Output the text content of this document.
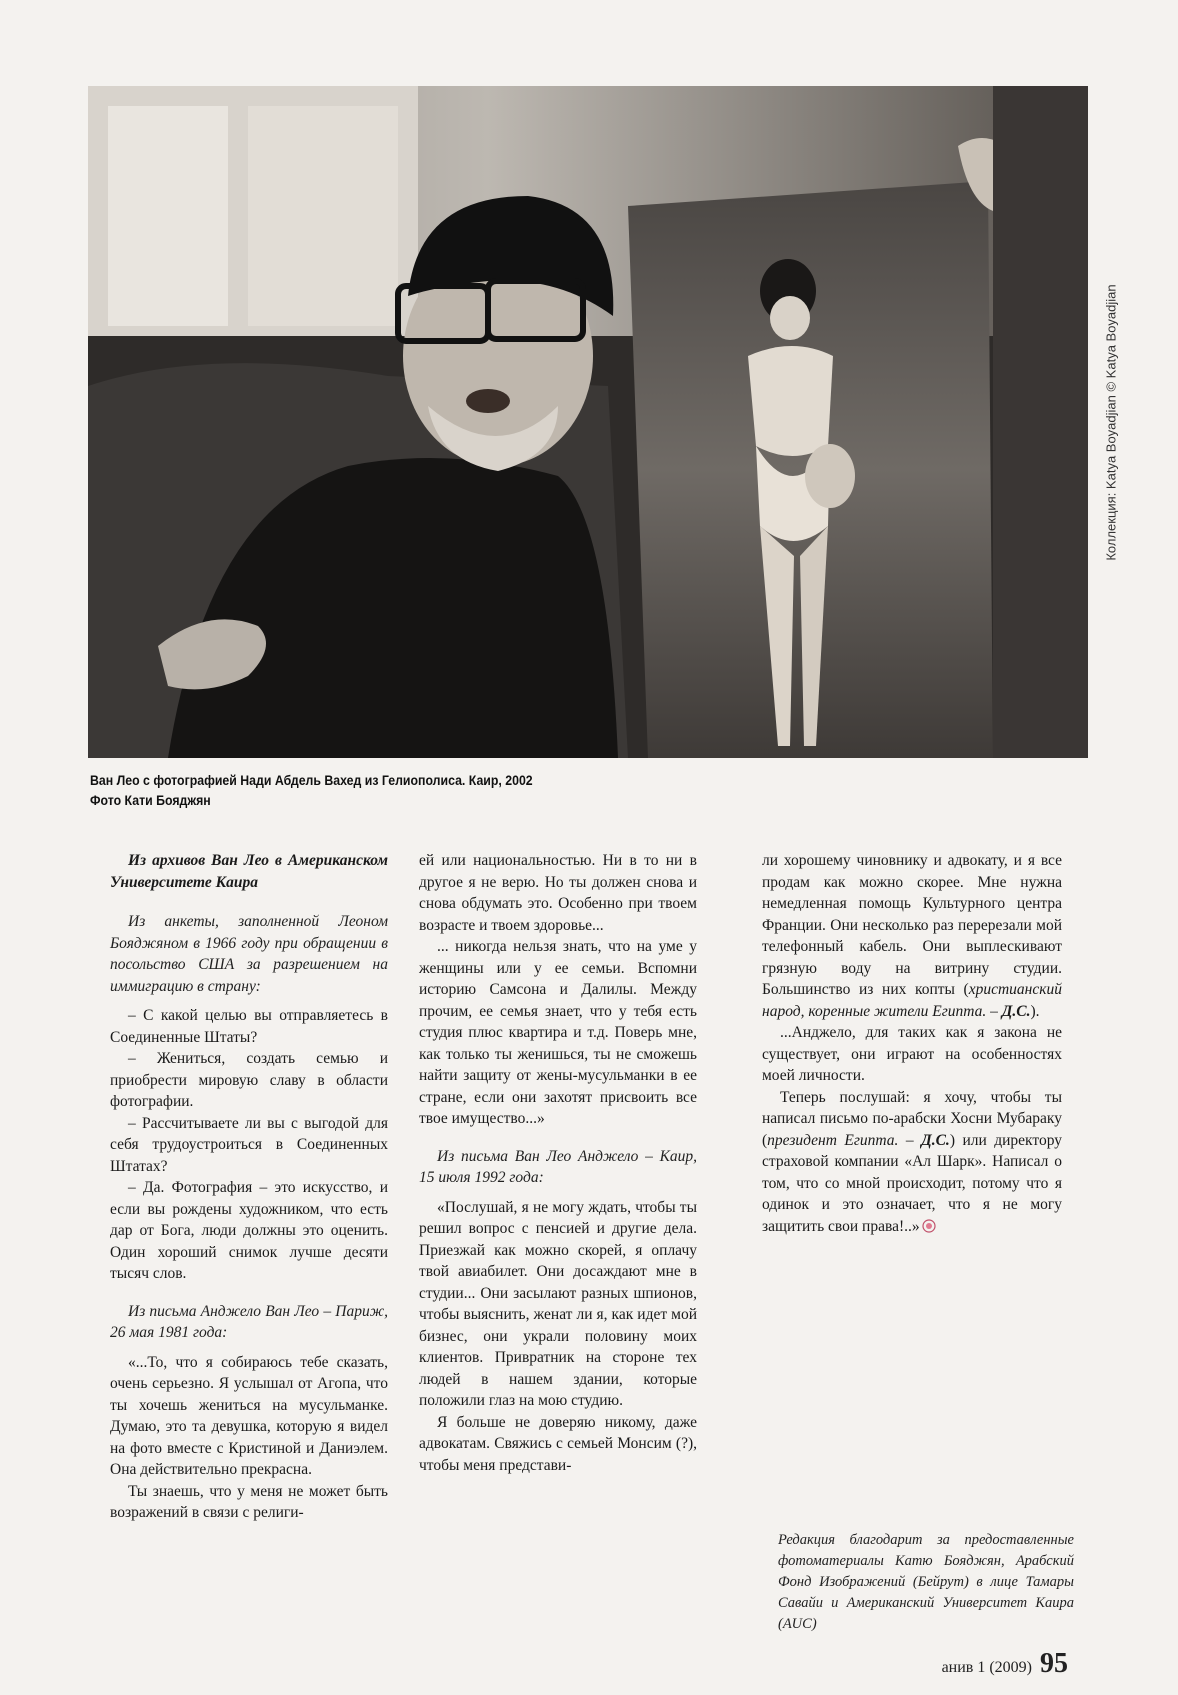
Коллекция: Katya Boyadjian © Katya Boyadjian
Ван Лео с фотографией Нади Абдель Вахед из Гелиополиса. Каир, 2002
Фото Кати Бояджян

Из архивов Ван Лео в Американском Университете Каира

Из анкеты, заполненной Леоном Бояджяном в 1966 году при обращении в посольство США за разрешением на иммиграцию в страну:

– С какой целью вы отправляетесь в Соединенные Штаты?

– Жениться, создать семью и приобрести мировую славу в области фотографии.

– Рассчитываете ли вы с выгодой для себя трудоустроиться в Соединенных Штатах?

– Да. Фотография – это искусство, и если вы рождены художником, что есть дар от Бога, люди должны это оценить. Один хороший снимок лучше десяти тысяч слов.

Из письма Анджело Ван Лео – Париж, 26 мая 1981 года:

«...То, что я собираюсь тебе сказать, очень серьезно. Я услышал от Агопа, что ты хочешь жениться на мусульманке. Думаю, это та девушка, которую я видел на фото вместе с Кристиной и Даниэлем. Она действительно прекрасна.

Ты знаешь, что у меня не может быть возражений в связи с религи-

ей или национальностью. Ни в то ни в другое я не верю. Но ты должен снова и снова обдумать это. Особенно при твоем возрасте и твоем здоровье...

... никогда нельзя знать, что на уме у женщины или у ее семьи. Вспомни историю Самсона и Далилы. Между прочим, ее семья знает, что у тебя есть студия плюс квартира и т.д. Поверь мне, как только ты женишься, ты не сможешь найти защиту от жены-мусульманки в ее стране, если они захотят присвоить все твое имущество...»

Из письма Ван Лео Анджело – Каир, 15 июля 1992 года:

«Послушай, я не могу ждать, чтобы ты решил вопрос с пенсией и другие дела. Приезжай как можно скорей, я оплачу твой авиабилет. Они досаждают мне в студии... Они засылают разных шпионов, чтобы выяснить, женат ли я, как идет мой бизнес, они украли половину моих клиентов. Привратник на стороне тех людей в нашем здании, которые положили глаз на мою студию.

Я больше не доверяю никому, даже адвокатам. Свяжись с семьей Монсим (?), чтобы меня представи-

ли хорошему чиновнику и адвокату, и я все продам как можно скорее. Мне нужна немедленная помощь Культурного центра Франции. Они несколько раз перерезали мой телефонный кабель. Они выплескивают грязную воду на витрину студии. Большинство из них копты (христианский народ, коренные жители Египта. – Д.С.).

...Анджело, для таких как я закона не существует, они играют на особенностях моей личности.

Теперь послушай: я хочу, чтобы ты написал письмо по-арабски Хосни Мубараку (президент Египта. – Д.С.) или директору страховой компании «Ал Шарк». Написал о том, что со мной происходит, потому что я одинок и это означает, что я не могу защитить свои права!..»

Редакция благодарит за предоставленные фотоматериалы Катю Бояджян, Арабский Фонд Изображений (Бейрут) в лице Тамары Савайи и Американский Университет Каира (AUC)
анив 1 (2009) 95
